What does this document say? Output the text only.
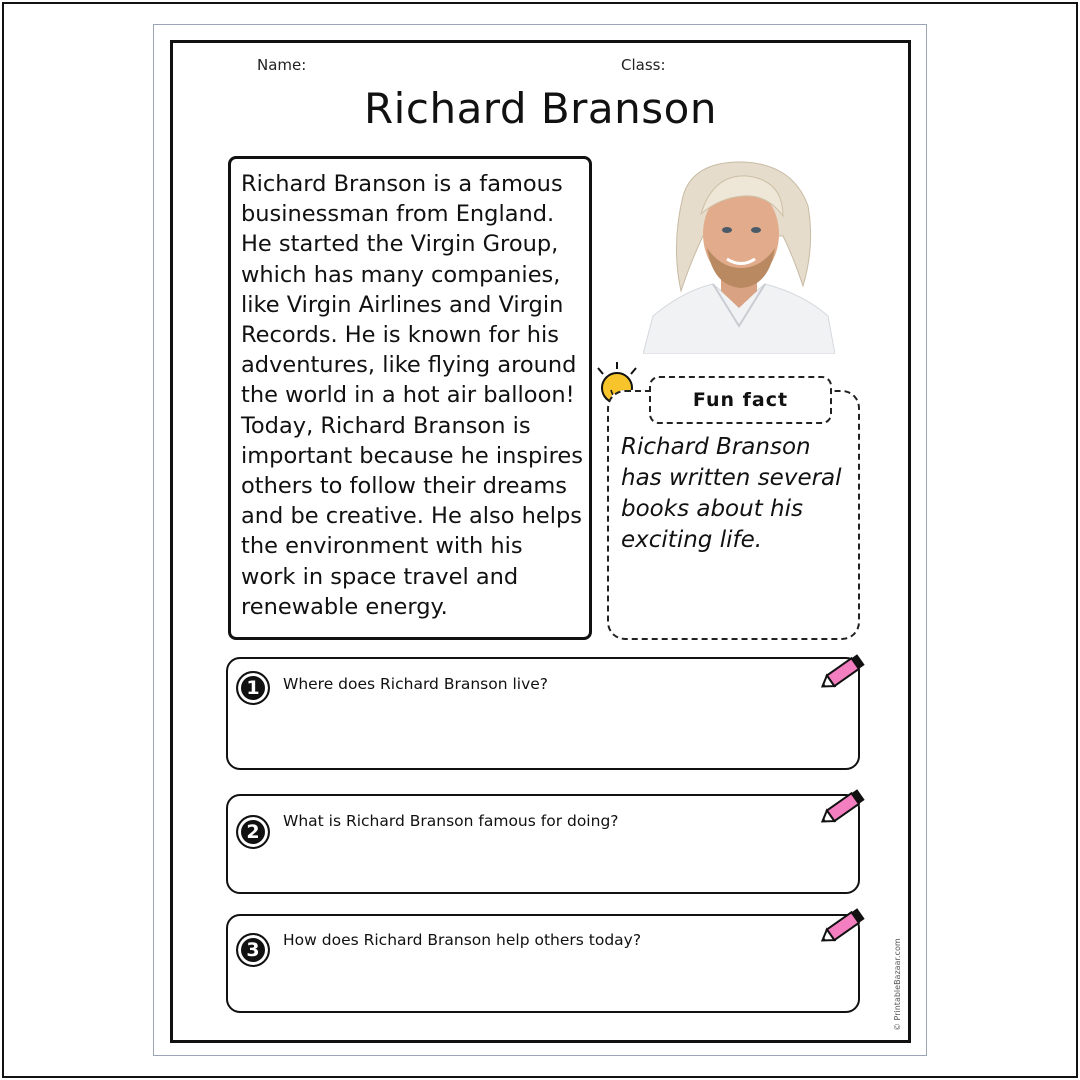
Name:	Class:
Richard Branson

Richard Branson is a famous businessman from England. He started the Virgin Group, which has many companies, like Virgin Airlines and Virgin Records. He is known for his adventures, like flying around the world in a hot air balloon! Today, Richard Branson is important because he inspires others to follow their dreams and be creative. He also helps the environment with his work in space travel and renewable energy.

Fun fact

Richard Branson has written several books about his exciting life.

1	Where does Richard Branson live?
2	What is Richard Branson famous for doing?
3	How does Richard Branson help others today?	© PrintableBazaar.com
